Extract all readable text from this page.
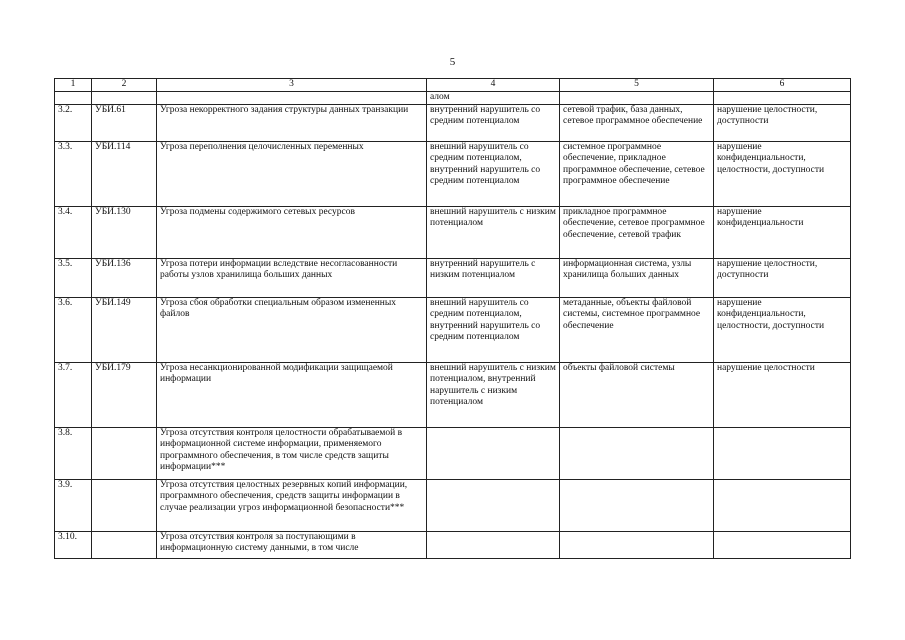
5
1	2	3	4	5	6
			алом		
3.2.	УБИ.61	Угроза некорректного задания структуры данных транзакции	внутренний нарушитель со средним потенциалом	сетевой трафик, база данных, сетевое программное обеспечение	нарушение целостности, доступности
3.3.	УБИ.114	Угроза переполнения целочисленных переменных	внешний нарушитель со средним потенциалом, внутренний нарушитель со средним потенциалом	системное программное обеспечение, прикладное программное обеспечение, сетевое программное обеспечение	нарушение конфиденциальности, целостности, доступности
3.4.	УБИ.130	Угроза подмены содержимого сетевых ресурсов	внешний нарушитель с низким потенциалом	прикладное программное обеспечение, сетевое программное обеспечение, сетевой трафик	нарушение конфиденциальности
3.5.	УБИ.136	Угроза потери информации вследствие несогласованности работы узлов хранилища больших данных	внутренний нарушитель с низким потенциалом	информационная система, узлы хранилища больших данных	нарушение целостности, доступности
3.6.	УБИ.149	Угроза сбоя обработки специальным образом измененных файлов	внешний нарушитель со средним потенциалом, внутренний нарушитель со средним потенциалом	метаданные, объекты файловой системы, системное программное обеспечение	нарушение конфиденциальности, целостности, доступности
3.7.	УБИ.179	Угроза несанкционированной модификации защищаемой информации	внешний нарушитель с низким потенциалом, внутренний нарушитель с низким потенциалом	объекты файловой системы	нарушение целостности
3.8.		Угроза отсутствия контроля целостности обрабатываемой в информационной системе информации, применяемого программного обеспечения, в том числе средств защиты информации***			
3.9.		Угроза отсутствия целостных резервных копий информации, программного обеспечения, средств защиты информации в случае реализации угроз информационной безопасности***			
3.10.		Угроза отсутствия контроля за поступающими в информационную систему данными, в том числе			
